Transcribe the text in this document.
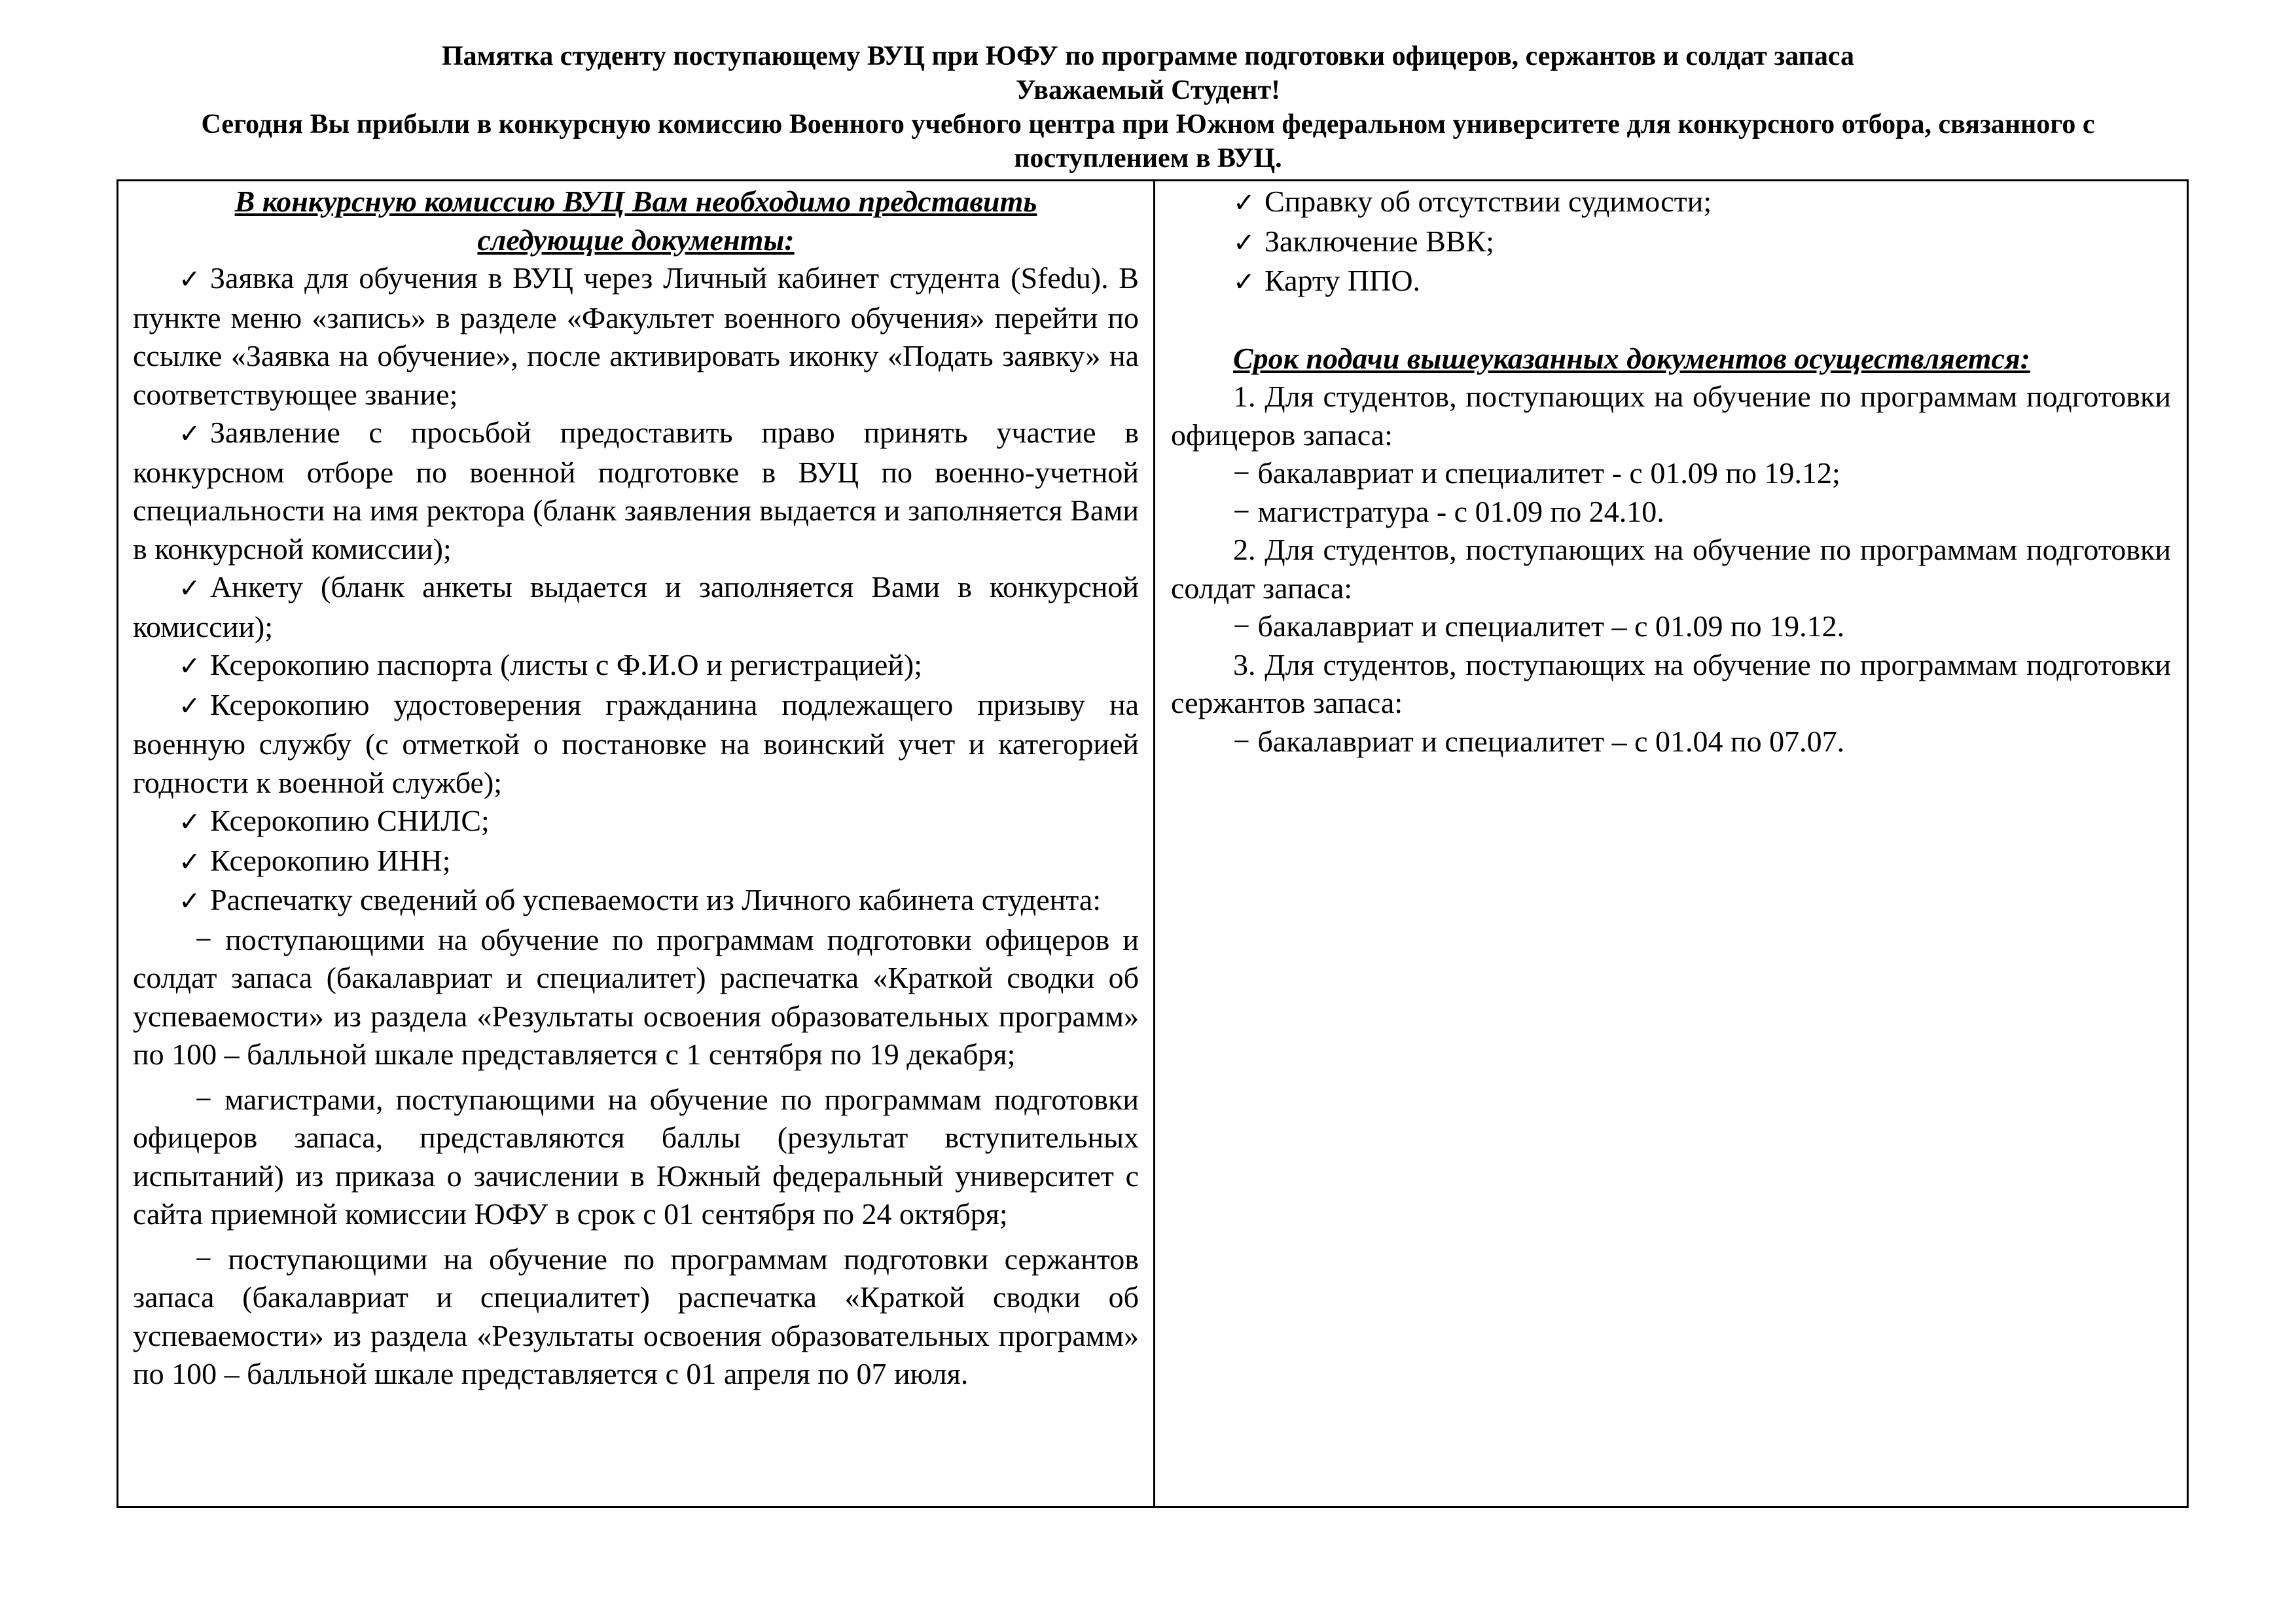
Памятка студенту поступающему ВУЦ при ЮФУ по программе подготовки офицеров, сержантов и солдат запаса
Уважаемый Студент!
Сегодня Вы прибыли в конкурсную комиссию Военного учебного центра при Южном федеральном университете для конкурсного отбора, связанного с
поступлением в ВУЦ.

В конкурсную комиссию ВУЦ Вам необходимо представить
следующие документы:

✓ Заявка для обучения в ВУЦ через Личный кабинет студента (Sfedu). В пункте меню «запись» в разделе «Факультет военного обучения» перейти по ссылке «Заявка на обучение», после активировать иконку «Подать заявку» на соответствующее звание;

✓ Заявление с просьбой предоставить право принять участие в конкурсном отборе по военной подготовке в ВУЦ по военно-учетной специальности на имя ректора (бланк заявления выдается и заполняется Вами в конкурсной комиссии);

✓ Анкету (бланк анкеты выдается и заполняется Вами в конкурсной комиссии);

✓ Ксерокопию паспорта (листы с Ф.И.О и регистрацией);

✓ Ксерокопию удостоверения гражданина подлежащего призыву на военную службу (с отметкой о постановке на воинский учет и категорией годности к военной службе);

✓ Ксерокопию СНИЛС;

✓ Ксерокопию ИНН;

✓ Распечатку сведений об успеваемости из Личного кабинета студента:

− поступающими на обучение по программам подготовки офицеров и солдат запаса (бакалавриат и специалитет) распечатка «Краткой сводки об успеваемости» из раздела «Результаты освоения образовательных программ» по 100 – балльной шкале представляется с 1 сентября по 19 декабря;

− магистрами, поступающими на обучение по программам подготовки офицеров запаса, представляются баллы (результат вступительных испытаний) из приказа о зачислении в Южный федеральный университет с сайта приемной комиссии ЮФУ в срок с 01 сентября по 24 октября;

− поступающими на обучение по программам подготовки сержантов запаса (бакалавриат и специалитет) распечатка «Краткой сводки об успеваемости» из раздела «Результаты освоения образовательных программ» по 100 – балльной шкале представляется с 01 апреля по 07 июля.

✓ Справку об отсутствии судимости;

✓ Заключение ВВК;

✓ Карту ППО.

Срок подачи вышеуказанных документов осуществляется:

1. Для студентов, поступающих на обучение по программам подготовки офицеров запаса:

− бакалавриат и специалитет - с 01.09 по 19.12;

− магистратура - с 01.09 по 24.10.

2. Для студентов, поступающих на обучение по программам подготовки солдат запаса:

− бакалавриат и специалитет – с 01.09 по 19.12.

3. Для студентов, поступающих на обучение по программам подготовки сержантов запаса:

− бакалавриат и специалитет – с 01.04 по 07.07.
